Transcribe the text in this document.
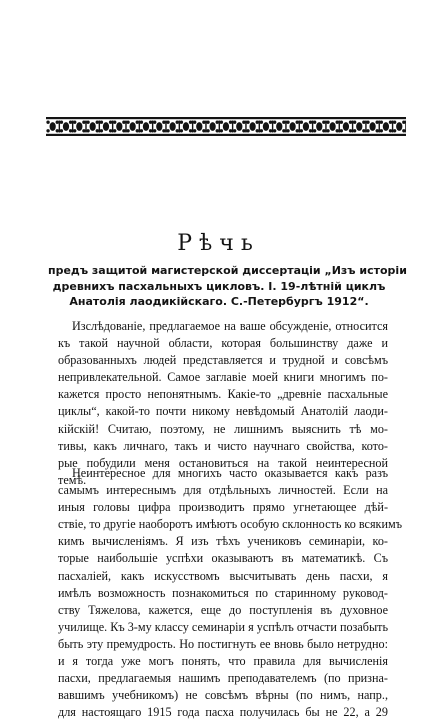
Рѣчь
предъ защитой магистерской диссертаціи „Изъ исторіи
древнихъ пасхальныхъ цикловъ. I. 19-лѣтній циклъ
Анатолія лаодикійскаго. С.-Петербургъ 1912“.
Изслѣдованіе, предлагаемое на ваше обсужденіе, относится
къ такой научной области, которая большинству даже и
образованныхъ людей представляется и трудной и совсѣмъ
непривлекательной. Самое заглавіе моей книги многимъ по-
кажется просто непонятнымъ. Какіе-то „древніе пасхальные
циклы“, какой-то почти никому невѣдомый Анатолій лаоди-
кійскій! Считаю, поэтому, не лишнимъ выяснить тѣ мо-
тивы, какъ личнаго, такъ и чисто научнаго свойства, кото-
рые побудили меня остановиться на такой неинтересной
темѣ.
Неинтересное для многихъ часто оказывается какъ разъ
самымъ интереснымъ для отдѣльныхъ личностей. Если на
иныя головы цифра производитъ прямо угнетающее дѣй-
ствіе, то другіе наоборотъ имѣютъ особую склонность ко всякимъ
кимъ вычисленіямъ. Я изъ тѣхъ учениковъ семинаріи, ко-
торые наибольшіе успѣхи оказываютъ въ математикѣ. Съ
пасхаліей, какъ искусствомъ высчитывать день пасхи, я
имѣлъ возможность познакомиться по старинному руковод-
ству Тяжелова, кажется, еще до поступленія въ духовное
училище. Къ 3-му классу семинаріи я успѣлъ отчасти позабыть
быть эту премудрость. Но постигнуть ее вновь было нетрудно:
и я тогда уже могъ понять, что правила для вычисленія
пасхи, предлагаемыя нашимъ преподавателемъ (по призна-
вавшимъ учебникомъ) не совсѣмъ вѣрны (по нимъ, напр.,
для настоящаго 1915 года пасха получилась бы не 22, а 29
